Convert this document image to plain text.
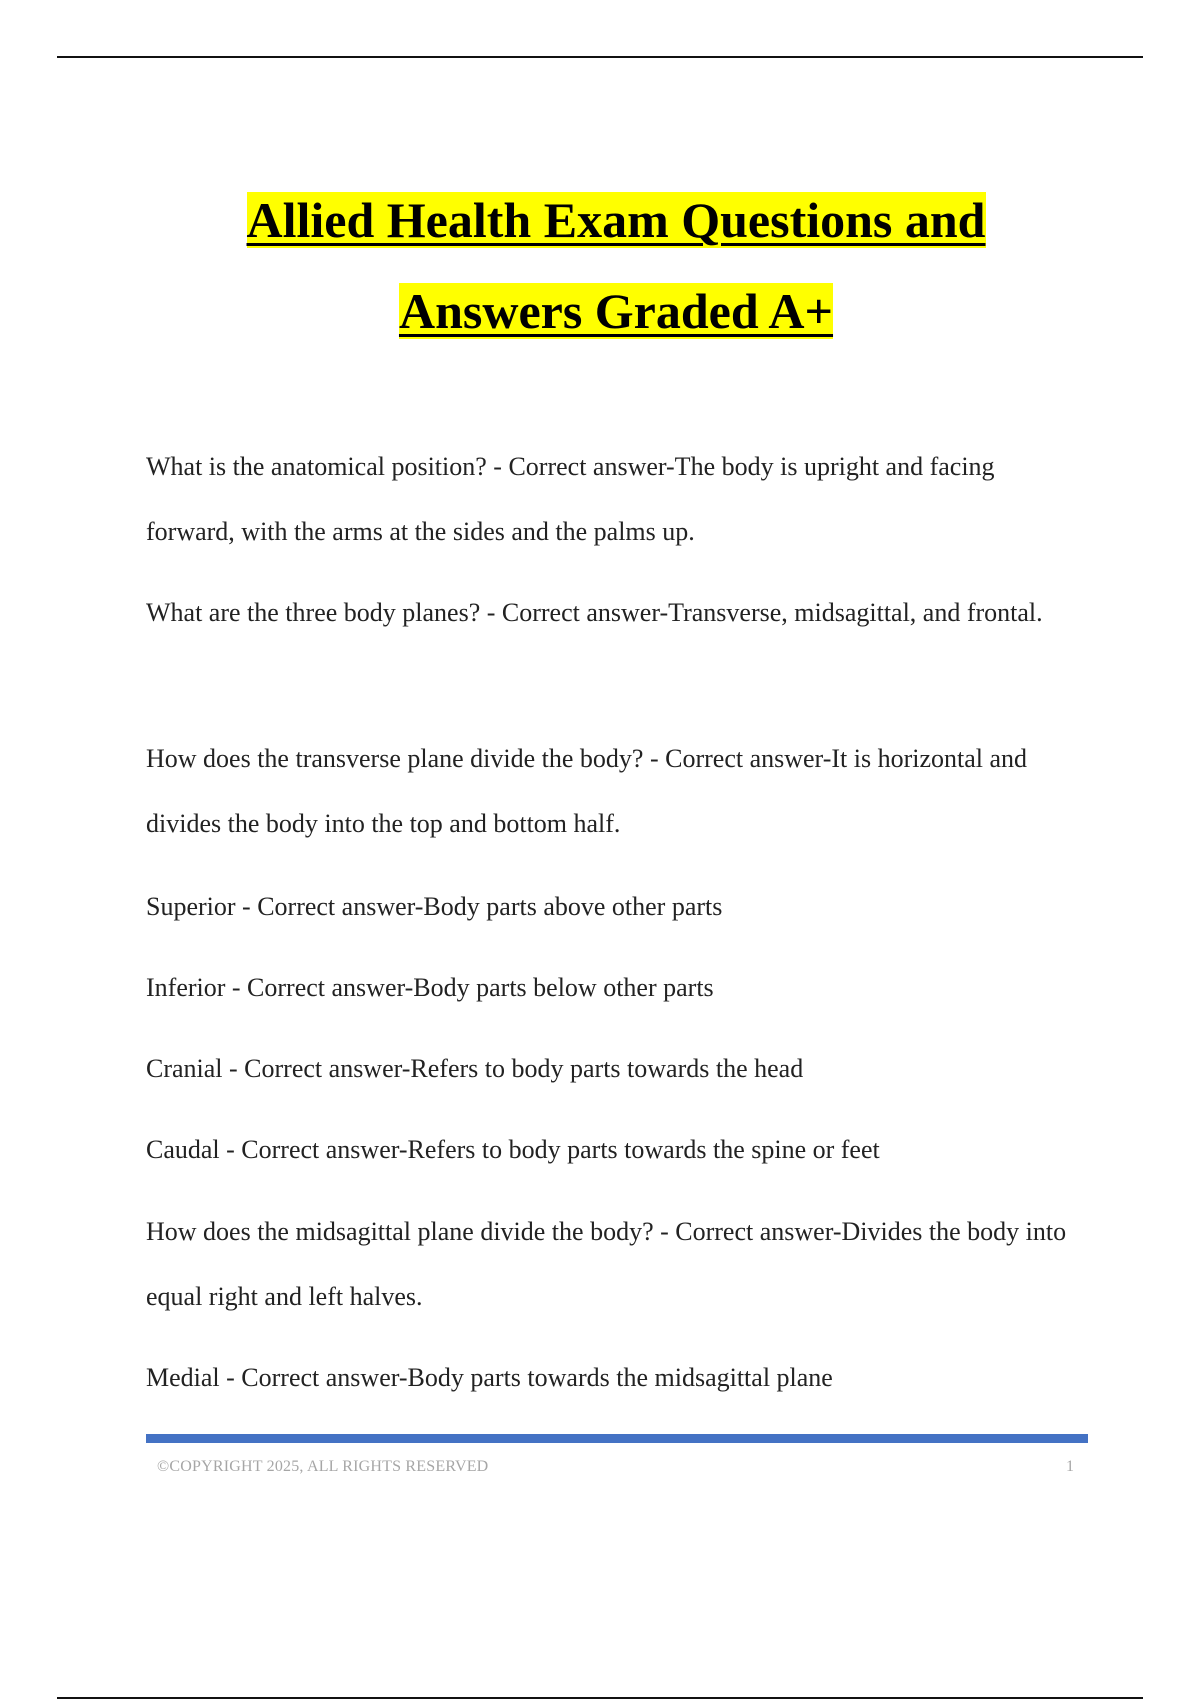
Allied Health Exam Questions and
Answers Graded A+

What is the anatomical position? - Correct answer-The body is upright and facing forward, with the arms at the sides and the palms up.

What are the three body planes? - Correct answer-Transverse, midsagittal, and frontal.

How does the transverse plane divide the body? - Correct answer-It is horizontal and divides the body into the top and bottom half.

Superior - Correct answer-Body parts above other parts

Inferior - Correct answer-Body parts below other parts

Cranial - Correct answer-Refers to body parts towards the head

Caudal - Correct answer-Refers to body parts towards the spine or feet

How does the midsagittal plane divide the body? - Correct answer-Divides the body into equal right and left halves.

Medial - Correct answer-Body parts towards the midsagittal plane

©COPYRIGHT 2025, ALL RIGHTS RESERVED	1
